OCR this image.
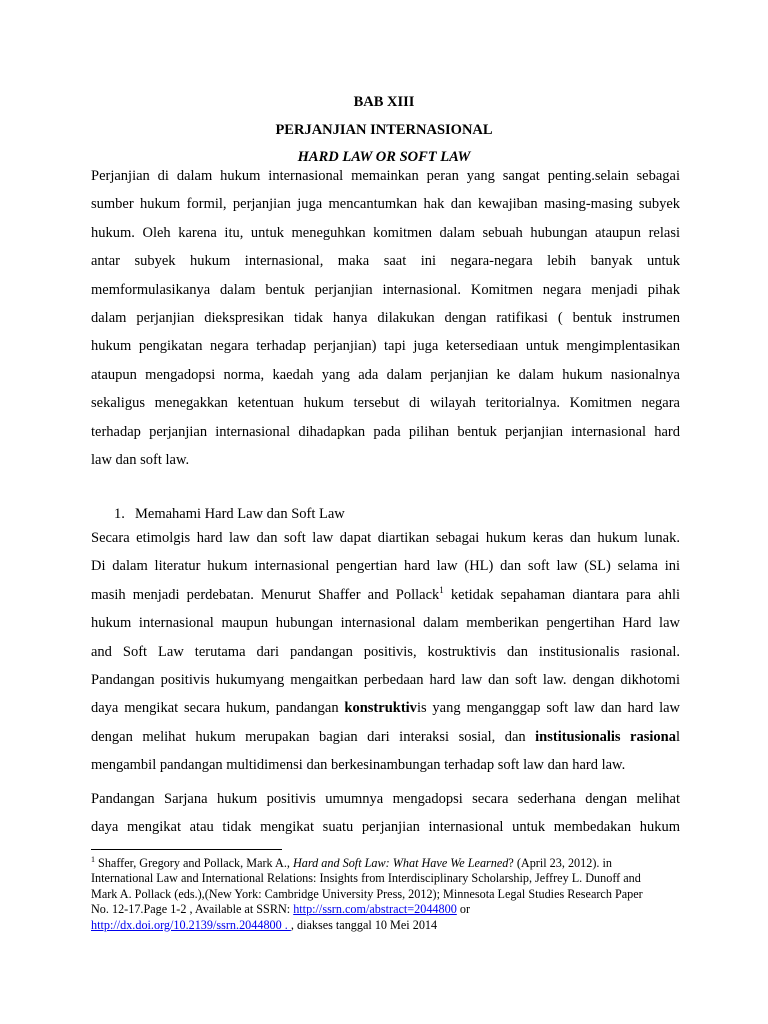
BAB XIII

PERJANJIAN INTERNASIONAL

HARD LAW OR SOFT LAW

Perjanjian di dalam hukum internasional memainkan peran yang sangat penting.selain sebagai
sumber hukum formil, perjanjian juga mencantumkan hak dan kewajiban masing-masing subyek
hukum. Oleh karena itu, untuk meneguhkan komitmen dalam sebuah hubungan ataupun relasi
antar subyek hukum internasional, maka saat ini negara-negara lebih banyak untuk
memformulasikanya dalam bentuk perjanjian internasional. Komitmen negara menjadi pihak
dalam perjanjian diekspresikan tidak hanya dilakukan dengan ratifikasi ( bentuk instrumen
hukum pengikatan negara terhadap perjanjian) tapi juga ketersediaan untuk mengimplentasikan
ataupun mengadopsi norma, kaedah yang ada dalam perjanjian ke dalam hukum nasionalnya
sekaligus menegakkan ketentuan hukum tersebut di wilayah teritorialnya. Komitmen negara
terhadap perjanjian internasional dihadapkan pada pilihan bentuk perjanjian internasional hard
law dan soft law.

1. Memahami Hard Law dan Soft Law

Secara etimolgis hard law dan soft law dapat diartikan sebagai hukum keras dan hukum lunak.
Di dalam literatur hukum internasional pengertian hard law (HL) dan soft law (SL) selama ini
masih menjadi perdebatan. Menurut Shaffer and Pollack$^1$ ketidak sepahaman diantara para ahli
hukum internasional maupun hubungan internasional dalam memberikan pengertihan Hard law
and Soft Law terutama dari pandangan positivis, kostruktivis dan institusionalis rasional.
Pandangan positivis hukumyang mengaitkan perbedaan hard law dan soft law. dengan dikhotomi
daya mengikat secara hukum, pandangan konstruktivis yang menganggap soft law dan hard law
dengan melihat hukum merupakan bagian dari interaksi sosial, dan institusionalis rasional
mengambil pandangan multidimensi dan berkesinambungan terhadap soft law dan hard law.
Pandangan Sarjana hukum positivis umumnya mengadopsi secara sederhana dengan melihat
daya mengikat atau tidak mengikat suatu perjanjian internasional untuk membedakan hukum
$^1$ Shaffer, Gregory and Pollack, Mark A., Hard and Soft Law: What Have We Learned? (April 23, 2012). in
International Law and International Relations: Insights from Interdisciplinary Scholarship, Jeffrey L. Dunoff and
Mark A. Pollack (eds.),(New York: Cambridge University Press, 2012); Minnesota Legal Studies Research Paper
No. 12-17.Page 1-2 , Available at SSRN: http://ssrn.com/abstract=2044800 or
http://dx.doi.org/10.2139/ssrn.2044800 . , diakses tanggal 10 Mei 2014
